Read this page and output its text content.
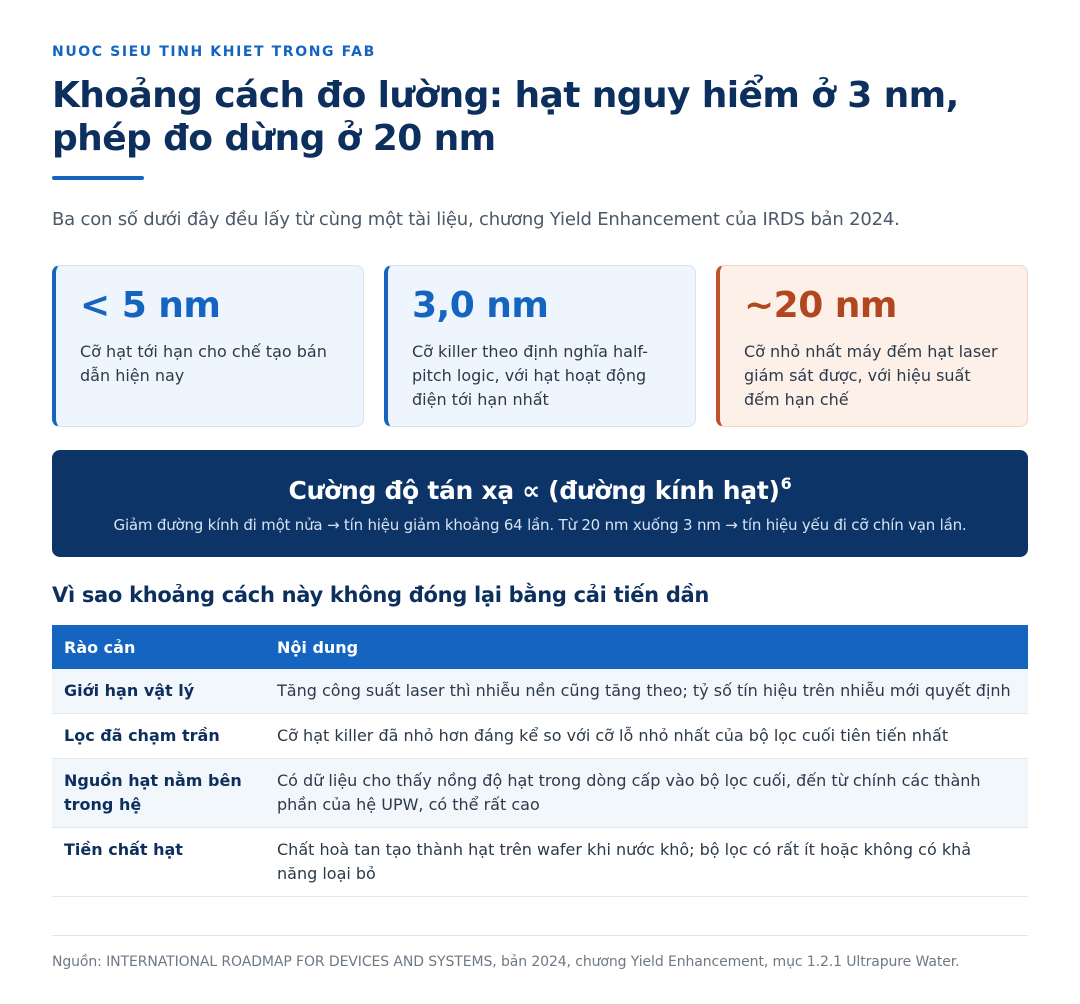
NUOC SIEU TINH KHIET TRONG FAB
Khoảng cách đo lường: hạt nguy hiểm ở 3 nm, phép đo dừng ở 20 nm
Ba con số dưới đây đều lấy từ cùng một tài liệu, chương Yield Enhancement của IRDS bản 2024.
< 5 nm
Cỡ hạt tới hạn cho chế tạo bán dẫn hiện nay
3,0 nm
Cỡ killer theo định nghĩa half-pitch logic, với hạt hoạt động điện tới hạn nhất
~20 nm
Cỡ nhỏ nhất máy đếm hạt laser giám sát được, với hiệu suất đếm hạn chế
Cường độ tán xạ ∝ (đường kính hạt)$^6$
Giảm đường kính đi một nửa → tín hiệu giảm khoảng 64 lần. Từ 20 nm xuống 3 nm → tín hiệu yếu đi cỡ chín vạn lần.
Vì sao khoảng cách này không đóng lại bằng cải tiến dần
Rào cản	Nội dung
Giới hạn vật lý	Tăng công suất laser thì nhiễu nền cũng tăng theo; tỷ số tín hiệu trên nhiễu mới quyết định
Lọc đã chạm trần	Cỡ hạt killer đã nhỏ hơn đáng kể so với cỡ lỗ nhỏ nhất của bộ lọc cuối tiên tiến nhất
Nguồn hạt nằm bên trong hệ	Có dữ liệu cho thấy nồng độ hạt trong dòng cấp vào bộ lọc cuối, đến từ chính các thành phần của hệ UPW, có thể rất cao
Tiền chất hạt	Chất hoà tan tạo thành hạt trên wafer khi nước khô; bộ lọc có rất ít hoặc không có khả năng loại bỏ
Nguồn: INTERNATIONAL ROADMAP FOR DEVICES AND SYSTEMS, bản 2024, chương Yield Enhancement, mục 1.2.1 Ultrapure Water.
